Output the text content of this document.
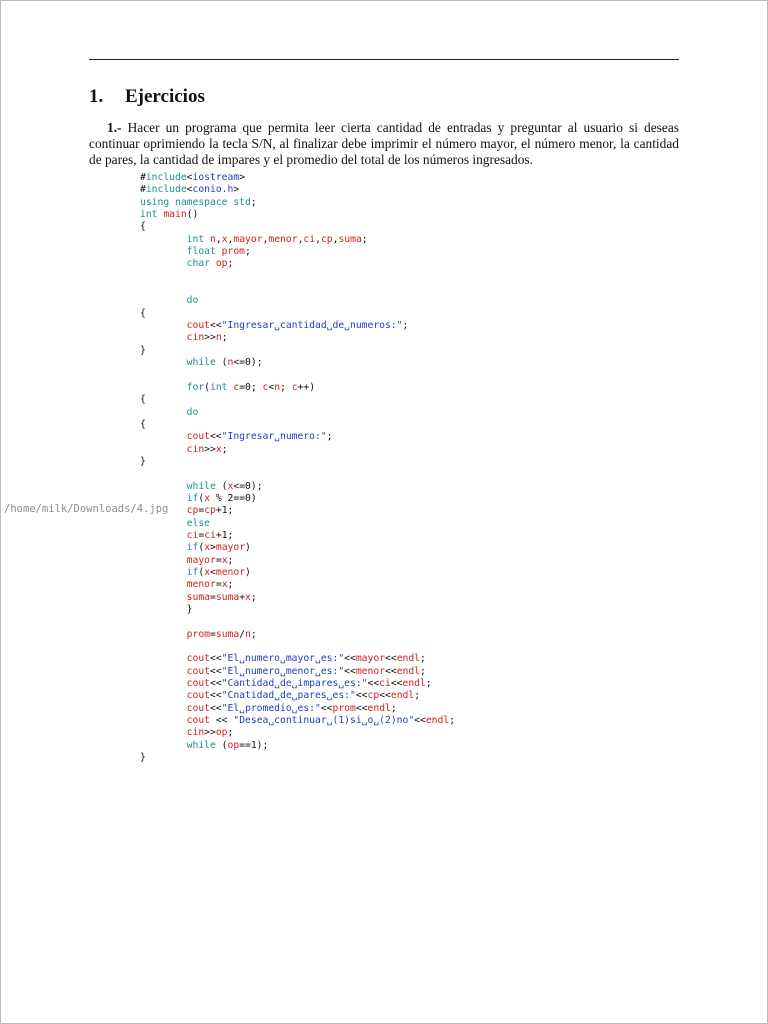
1. Ejercicios
1.- Hacer un programa que permita leer cierta cantidad de entradas y preguntar al usuario si deseas continuar oprimiendo la tecla S/N, al finalizar debe imprimir el número mayor, el número menor, la cantidad de pares, la cantidad de impares y el promedio del total de los números ingresados.
/home/milk/Downloads/4.jpg
#include<iostream>
#include<conio.h>
using namespace std;
int main()
{
int n,x,mayor,menor,ci,cp,suma;
float prom;
char op;

do
{
cout<<"Ingresar␣cantidad␣de␣numeros:";
cin>>n;
}
while (n<=0);

for(int c=0; c<n; c++)
{
do
{
cout<<"Ingresar␣numero:";
cin>>x;
}

while (x<=0);
if(x % 2==0)
cp=cp+1;
else
ci=ci+1;
if(x>mayor)
mayor=x;
if(x<menor)
menor=x;
suma=suma+x;
}

prom=suma/n;

cout<<"El␣numero␣mayor␣es:"<<mayor<<endl;
cout<<"El␣numero␣menor␣es:"<<menor<<endl;
cout<<"Cantidad␣de␣impares␣es:"<<ci<<endl;
cout<<"Cnatidad␣de␣pares␣es:"<<cp<<endl;
cout<<"El␣promedio␣es:"<<prom<<endl;
cout << "Desea␣continuar␣(1)si␣o␣(2)no"<<endl;
cin>>op;
while (op==1);
}
